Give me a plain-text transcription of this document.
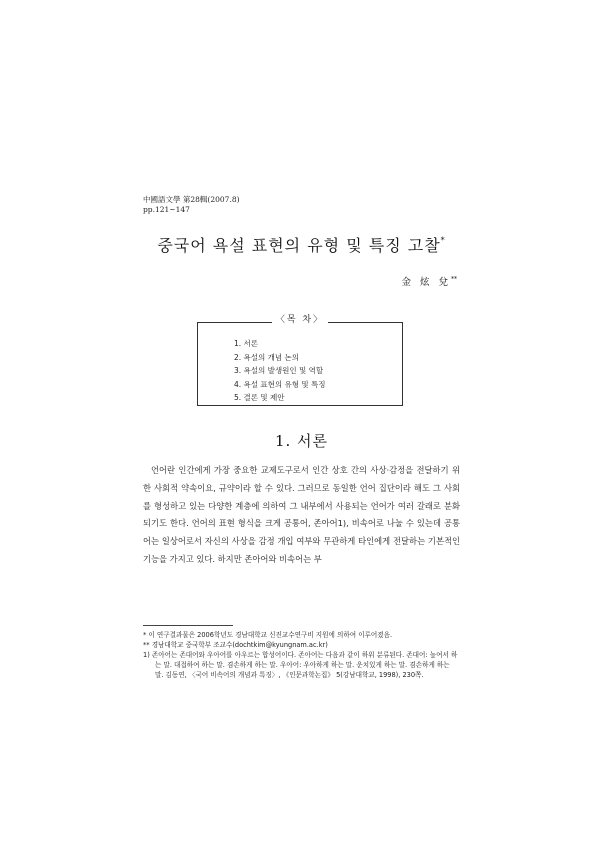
中國語文學 第28輯(2007.8)
pp.121~147
중국어 욕설 표현의 유형 및 특징 고찰*
金 炫 兌**
1. 서론
2. 욕설의 개념 논의
3. 욕설의 발생원인 및 역할
4. 욕설 표현의 유형 및 특징
5. 결론 및 제안
〈목 차〉
1. 서론

언어란 인간에게 가장 중요한 교제도구로서 인간 상호 간의 사상·감정을 전달하기 위한 사회적 약속이요, 규약이라 할 수 있다. 그러므로 동일한 언어 집단이라 해도 그 사회를 형성하고 있는 다양한 계층에 의하여 그 내부에서 사용되는 언어가 여러 갈래로 분화되기도 한다. 언어의 표현 형식을 크게 공통어, 존아어1), 비속어로 나눌 수 있는데 공통어는 일상어로서 자신의 사상을 감정 개입 여부와 무관하게 타인에게 전달하는 기본적인 기능을 가지고 있다. 하지만 존아어와 비속어는 부

* 이 연구결과물은 2006학년도 경남대학교 신진교수연구비 지원에 의하여 이루어졌음.

** 경남대학교 중국학부 조교수(dochtkim@kyungnam.ac.kr)

1) 존아어는 존대어와 우아어를 아우르는 합성어이다. 존아어는 다음과 같이 하위 분류된다. 존대어: 높여서 하는 말. 대접하여 하는 말. 겸손하게 하는 말. 우아어: 우아하게 하는 말. 운치있게 하는 말. 겸손하게 하는 말. 김동연, 〈국어 비속어의 개념과 특징〉, 《인문과학논집》 5(강남대학교, 1998), 230쪽.
